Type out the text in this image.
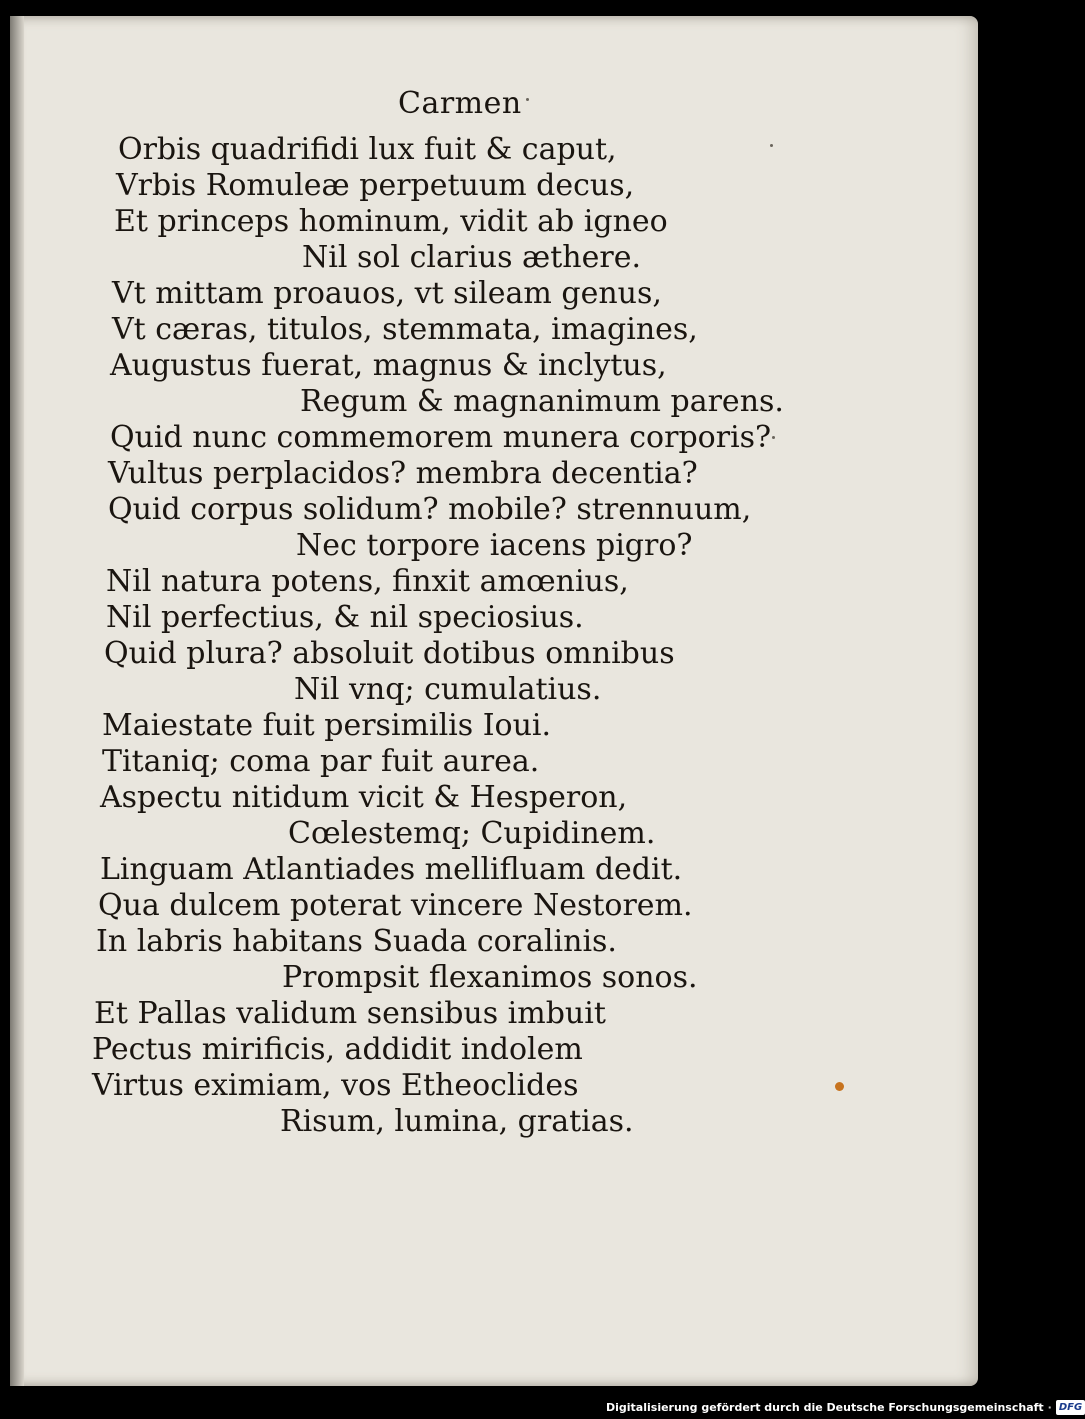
Carmen
Orbis quadrifidi lux fuit & caput,
Vrbis Romuleæ perpetuum decus,
Et princeps hominum, vidit ab igneo
Nil sol clarius æthere.
Vt mittam proauos, vt sileam genus,
Vt cæras, titulos, stemmata, imagines,
Augustus fuerat, magnus & inclytus,
Regum & magnanimum parens.
Quid nunc commemorem munera corporis?
Vultus perplacidos? membra decentia?
Quid corpus solidum? mobile? strennuum,
Nec torpore iacens pigro?
Nil natura potens, finxit amœnius,
Nil perfectius, & nil speciosius.
Quid plura? absoluit dotibus omnibus
Nil vnq; cumulatius.
Maiestate fuit persimilis Ioui.
Titaniq; coma par fuit aurea.
Aspectu nitidum vicit & Hesperon,
Cœlestemq; Cupidinem.
Linguam Atlantiades mellifluam dedit.
Qua dulcem poterat vincere Nestorem.
In labris habitans Suada coralinis.
Prompsit flexanimos sonos.
Et Pallas validum sensibus imbuit
Pectus mirificis, addidit indolem
Virtus eximiam, vos Etheoclides
Risum, lumina, gratias.
Digitalisierung gefördert durch die Deutsche Forschungsgemeinschaft · DFG
